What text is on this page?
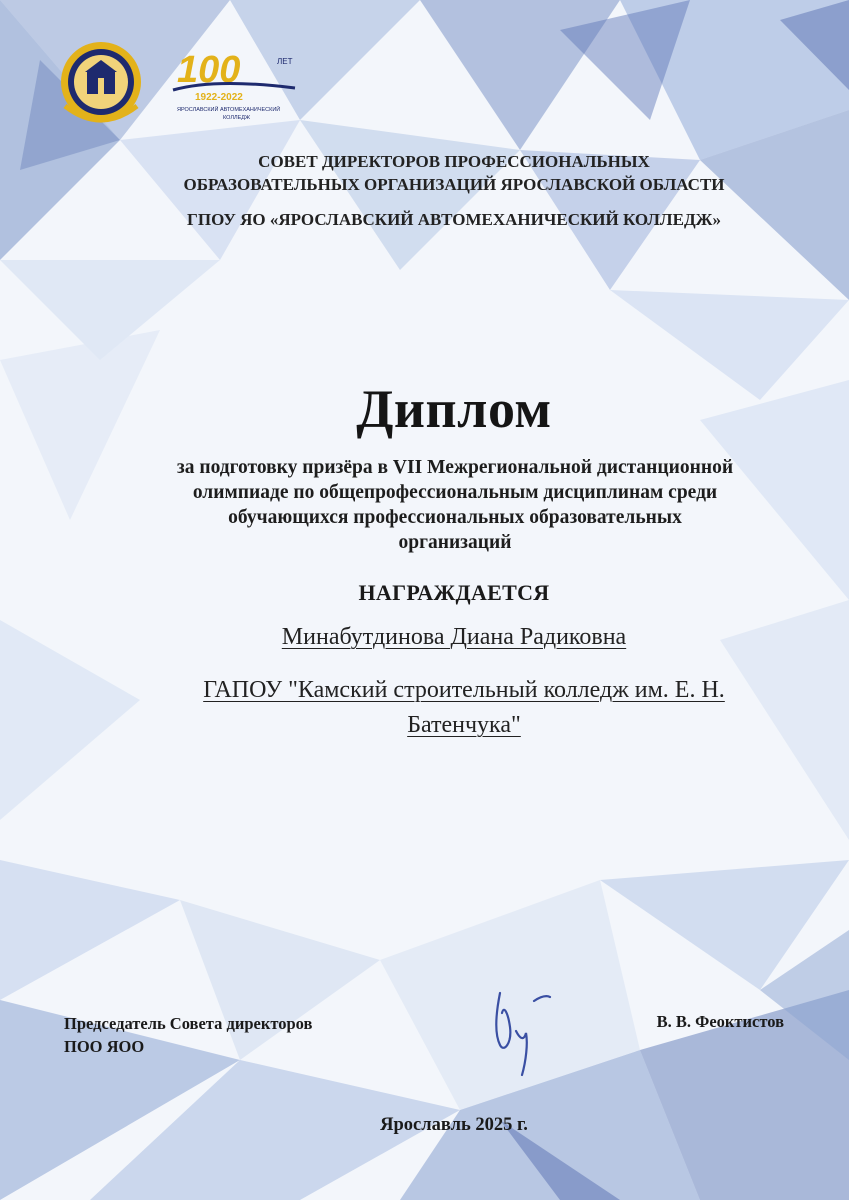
100	ЛЕТ
1922-2022
ЯРОСЛАВСКИЙ АВТОМЕХАНИЧЕСКИЙ
КОЛЛЕДЖ
СОВЕТ ДИРЕКТОРОВ ПРОФЕССИОНАЛЬНЫХ
ОБРАЗОВАТЕЛЬНЫХ ОРГАНИЗАЦИЙ ЯРОСЛАВСКОЙ ОБЛАСТИ
ГПОУ ЯО «ЯРОСЛАВСКИЙ АВТОМЕХАНИЧЕСКИЙ КОЛЛЕДЖ»
Диплом
за подготовку призёра в VII Межрегиональной дистанционной
олимпиаде по общепрофессиональным дисциплинам среди
обучающихся профессиональных образовательных
организаций
НАГРАЖДАЕТСЯ
Минабутдинова Диана Радиковна
ГАПОУ "Камский строительный колледж им. Е. Н.
Батенчука"
Председатель Совета директоров
ПОО ЯОО
В. В. Феоктистов
Ярославль 2025 г.
